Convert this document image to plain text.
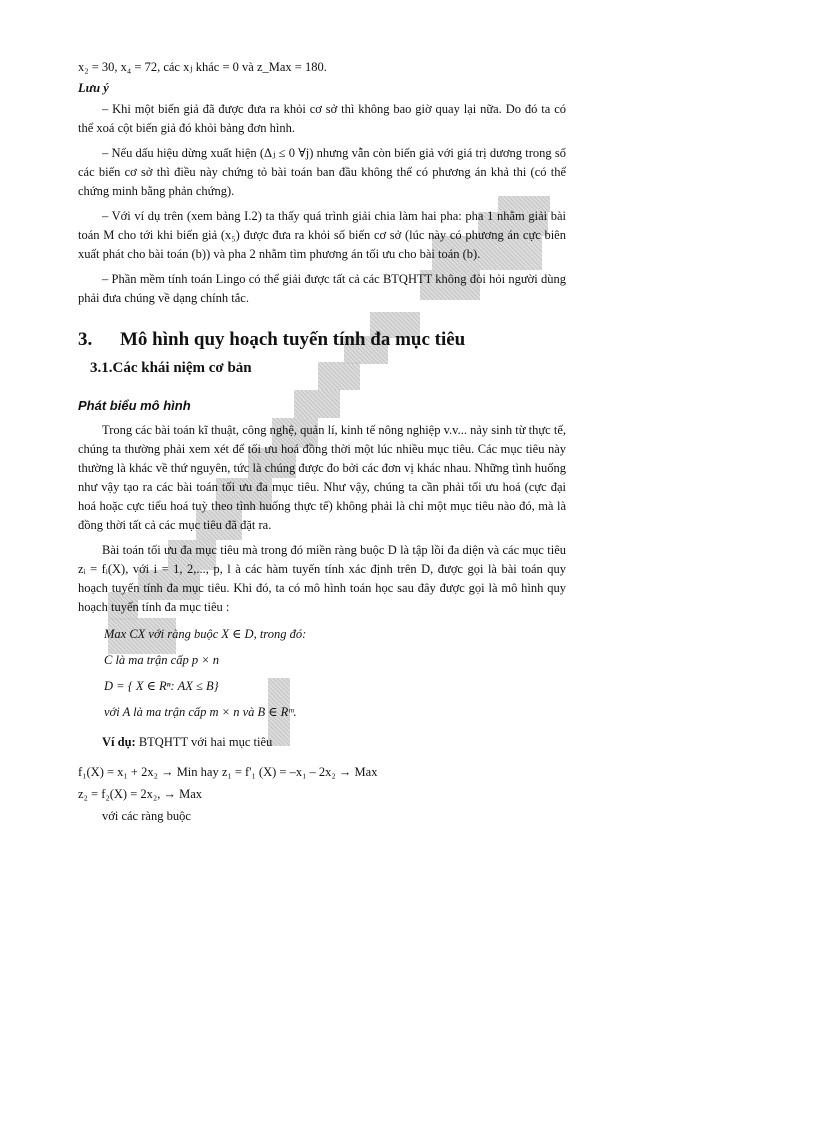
x₂ = 30, x₄ = 72, các xⱼ khác = 0 và z_Max = 180.

Lưu ý

– Khi một biến giả đã được đưa ra khỏi cơ sở thì không bao giờ quay lại nữa. Do đó ta có thể xoá cột biến giả đó khỏi bảng đơn hình.

– Nếu dấu hiệu dừng xuất hiện (Δⱼ ≤ 0 ∀j) nhưng vẫn còn biến giả với giá trị dương trong số các biến cơ sở thì điều này chứng tỏ bài toán ban đầu không thể có phương án khả thi (có thể chứng minh bằng phản chứng).

– Với ví dụ trên (xem bảng I.2) ta thấy quá trình giải chia làm hai pha: pha 1 nhằm giải bài toán M cho tới khi biến giả (x₅) được đưa ra khỏi số biến cơ sở (lúc này có phương án cực biên xuất phát cho bài toán (b)) và pha 2 nhằm tìm phương án tối ưu cho bài toán (b).

– Phần mềm tính toán Lingo có thể giải được tất cả các BTQHTT không đòi hỏi người dùng phải đưa chúng về dạng chính tắc.

3.	Mô hình quy hoạch tuyến tính đa mục tiêu
3.1.Các khái niệm cơ bản
Phát biểu mô hình

Trong các bài toán kĩ thuật, công nghệ, quản lí, kinh tế nông nghiệp v.v... nảy sinh từ thực tế, chúng ta thường phải xem xét để tối ưu hoá đồng thời một lúc nhiều mục tiêu. Các mục tiêu này thường là khác về thứ nguyên, tức là chúng được đo bởi các đơn vị khác nhau. Những tình huống như vậy tạo ra các bài toán tối ưu đa mục tiêu. Như vậy, chúng ta cần phải tối ưu hoá (cực đại hoá hoặc cực tiểu hoá tuỳ theo tình huống thực tế) không phải là chỉ một mục tiêu nào đó, mà là đồng thời tất cả các mục tiêu đã đặt ra.

Bài toán tối ưu đa mục tiêu mà trong đó miền ràng buộc D là tập lồi đa diện và các mục tiêu zᵢ = fᵢ(X), với i = 1, 2,..., p, l à các hàm tuyến tính xác định trên D, được gọi là bài toán quy hoạch tuyến tính đa mục tiêu. Khi đó, ta có mô hình toán học sau đây được gọi là mô hình quy hoạch tuyến tính đa mục tiêu :

Max CX với ràng buộc X ∈ D, trong đó:
C là ma trận cấp p × n
D = { X ∈ Rⁿ: AX ≤ B}
với A là ma trận cấp m × n và B ∈ Rᵐ.
Ví dụ: BTQHTT với hai mục tiêu
f₁(X) = x₁ + 2x₂ → Min hay z₁ = f'₁ (X) = –x₁ – 2x₂ → Max
z₂ = f₂(X) = 2x₂, → Max
với các ràng buộc
